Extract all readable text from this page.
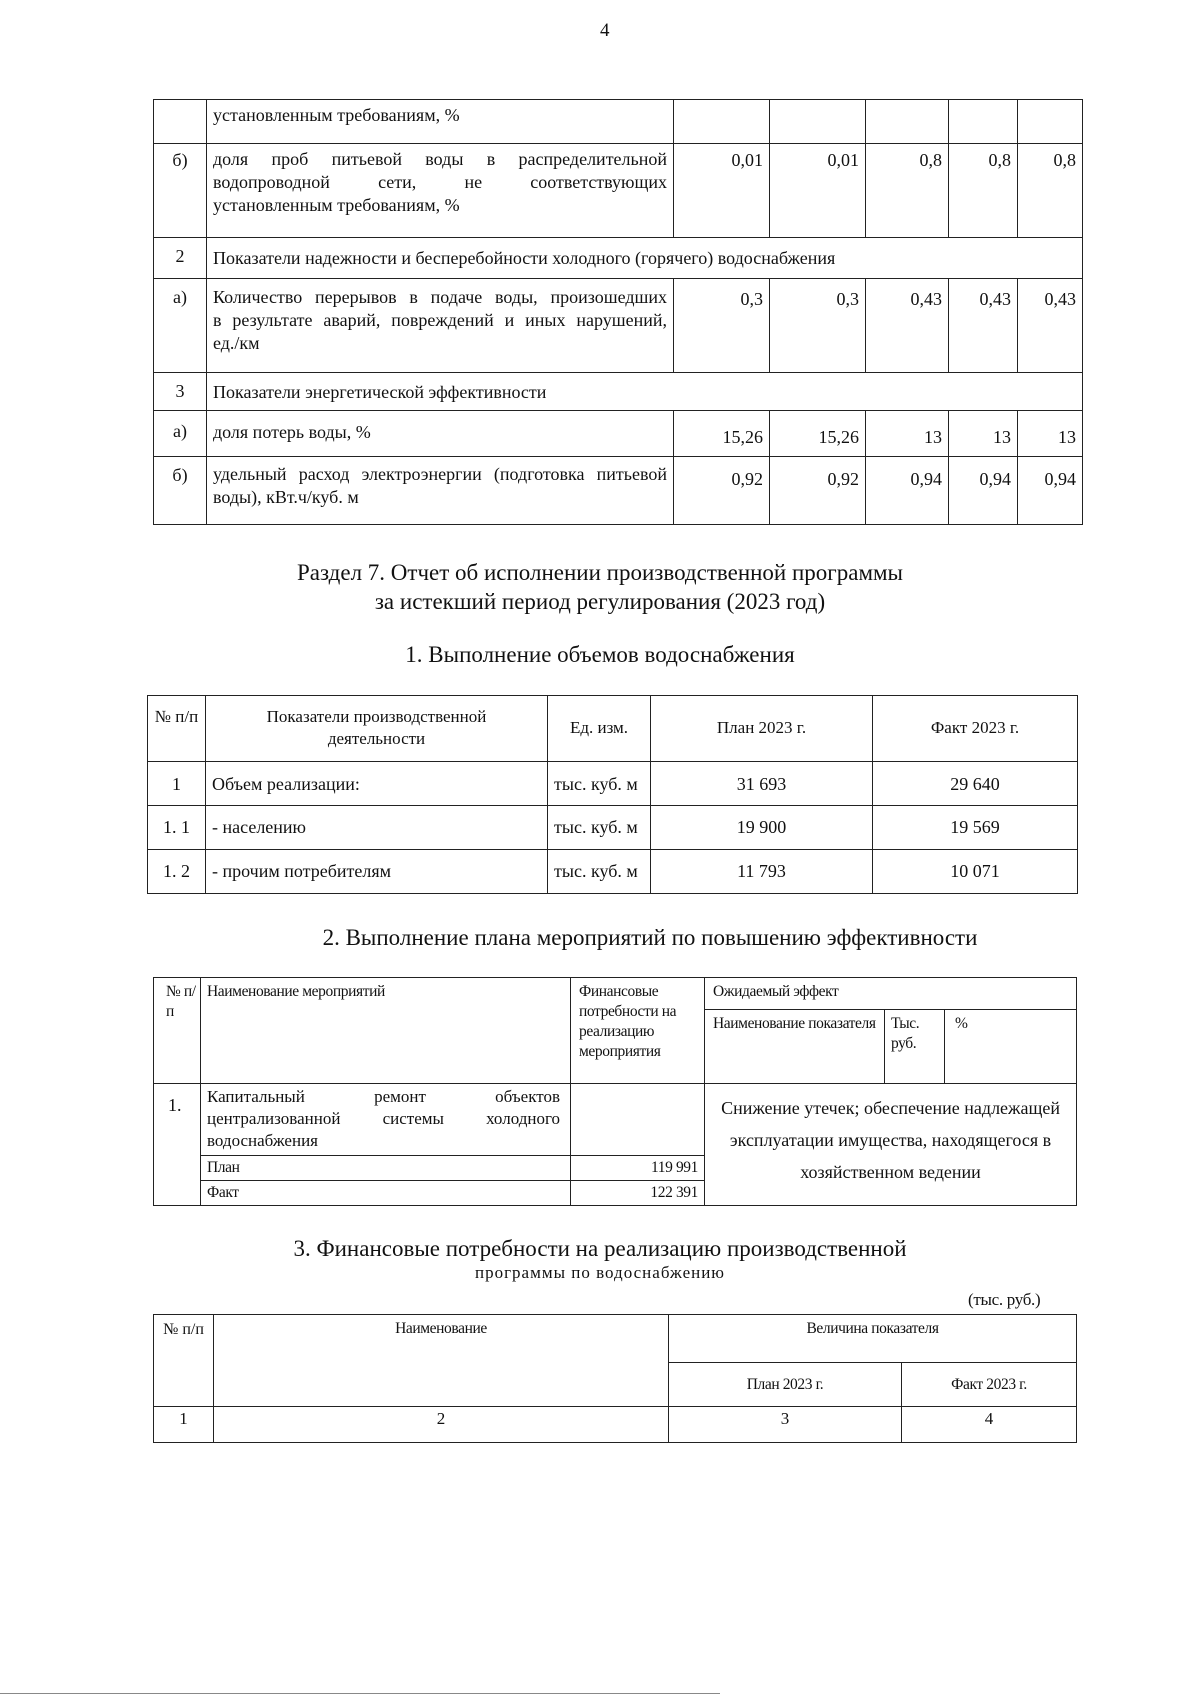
4
	установленным требованиям, %					
б)	доля проб питьевой воды в распределительной
водопроводной сети, не соответствующих
установленным требованиям, %	0,01	0,01	0,8	0,8	0,8
2	Показатели надежности и бесперебойности холодного (горячего) водоснабжения					
а)	Количество перерывов в подаче воды, произошедших
в результате аварий, повреждений и иных нарушений,
ед./км	0,3	0,3	0,43	0,43	0,43
3	Показатели энергетической эффективности					
а)	доля потерь воды, %	15,26	15,26	13	13	13
б)	удельный расход электроэнергии (подготовка питьевой
воды), кВт.ч/куб. м	0,92	0,92	0,94	0,94	0,94
Раздел 7. Отчет об исполнении производственной программы
за истекший период регулирования (2023 год)
1. Выполнение объемов водоснабжения
№ п/п	Показатели производственной деятельности	Ед. изм.	План 2023 г.	Факт 2023 г.
1	Объем реализации:	тыс. куб. м	31 693	29 640
1. 1	- населению	тыс. куб. м	19 900	19 569
1. 2	- прочим потребителям	тыс. куб. м	11 793	10 071
2. Выполнение плана мероприятий по повышению эффективности
№ п/п	Наименование мероприятий	Финансовые потребности на реализацию мероприятия	Ожидаемый эффект		
			Наименование показателя	Тыс. руб.	%
1.	Капитальный ремонт объектов
централизованной системы холодного
водоснабжения		Снижение утечек; обеспечение надлежащей эксплуатации имущества, находящегося в хозяйственном ведении		
	План	119 991			
	Факт	122 391			
3. Финансовые потребности на реализацию производственной
программы по водоснабжению
(тыс. руб.)
№ п/п	Наименование	Величина показателя	
		План 2023 г.	Факт 2023 г.
1	2	3	4
